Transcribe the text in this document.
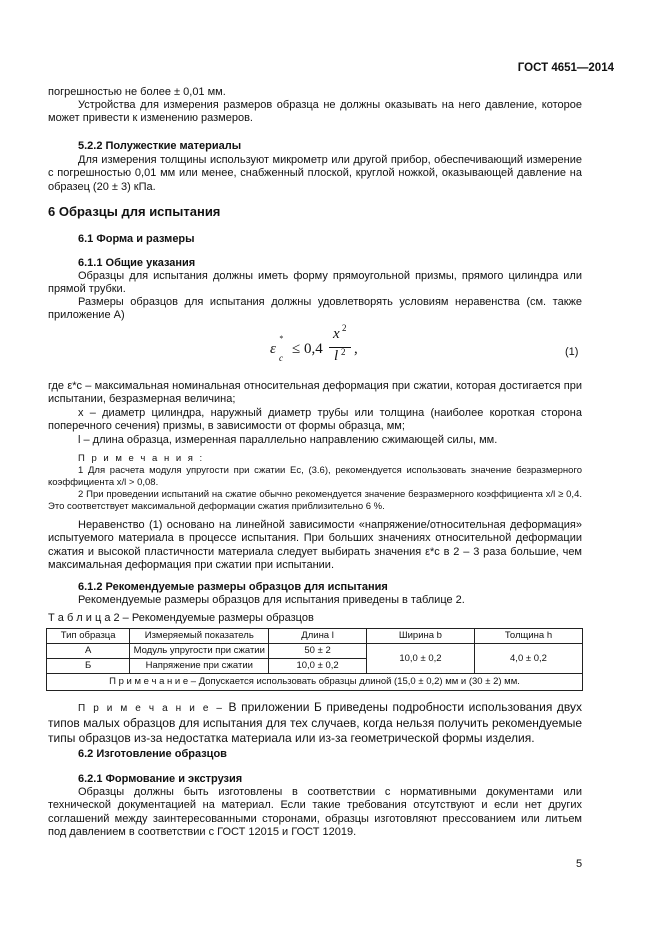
ГОСТ 4651—2014

погрешностью не более ± 0,01 мм.

Устройства для измерения размеров образца не должны оказывать на него давление, которое может привести к изменению размеров.

5.2.2 Полужесткие материалы

Для измерения толщины используют микрометр или другой прибор, обеспечивающий измерение с погрешностью 0,01 мм или менее, снабженный плоской, круглой ножкой, оказывающей давление на образец (20 ± 3) кПа.

6 Образцы для испытания

6.1 Форма и размеры

6.1.1 Общие указания

Образцы для испытания должны иметь форму прямоугольной призмы, прямого цилиндра или прямой трубки.

Размеры образцов для испытания должны удовлетворять условиям неравенства (см. также приложение А)

ε
*
c
≤ 0,4
x 2
l 2 ,	(1)

где ε*c – максимальная номинальная относительная деформация при сжатии, которая достигается при испытании, безразмерная величина;

x – диаметр цилиндра, наружный диаметр трубы или толщина (наиболее короткая сторона поперечного сечения) призмы, в зависимости от формы образца, мм;

l – длина образца, измеренная параллельно направлению сжимающей силы, мм.

П р и м е ч а н и я :

1 Для расчета модуля упругости при сжатии Ec, (3.6), рекомендуется использовать значение безразмерного коэффициента x/l > 0,08.

2 При проведении испытаний на сжатие обычно рекомендуется значение безразмерного коэффициента x/l ≥ 0,4. Это соответствует максимальной деформации сжатия приблизительно 6 %.

Неравенство (1) основано на линейной зависимости «напряжение/относительная деформация» испытуемого материала в процессе испытания. При больших значениях относительной деформации сжатия и высокой пластичности материала следует выбирать значения ε*c в 2 – 3 раза большие, чем максимальная деформация при сжатии при испытании.

6.1.2 Рекомендуемые размеры образцов для испытания

Рекомендуемые размеры образцов для испытания приведены в таблице 2.

Т а б л и ц а 2 – Рекомендуемые размеры образцов
Тип образца	Измеряемый показатель	Длина l	Ширина b	Толщина h
А	Модуль упругости при сжатии	50 ± 2	10,0 ± 0,2	4,0 ± 0,2
Б	Напряжение при сжатии	10,0 ± 0,2		
П р и м е ч а н и е – Допускается использовать образцы длиной (15,0 ± 0,2) мм и (30 ± 2) мм.				

П р и м е ч а н и е – В приложении Б приведены подробности использования двух типов малых образцов для испытания для тех случаев, когда нельзя получить рекомендуемые типы образцов из-за недостатка материала или из-за геометрической формы изделия.

6.2 Изготовление образцов

6.2.1 Формование и экструзия

Образцы должны быть изготовлены в соответствии с нормативными документами или технической документацией на материал. Если такие требования отсутствуют и если нет других соглашений между заинтересованными сторонами, образцы изготовляют прессованием или литьем под давлением в соответствии с ГОСТ 12015 и ГОСТ 12019.

5
